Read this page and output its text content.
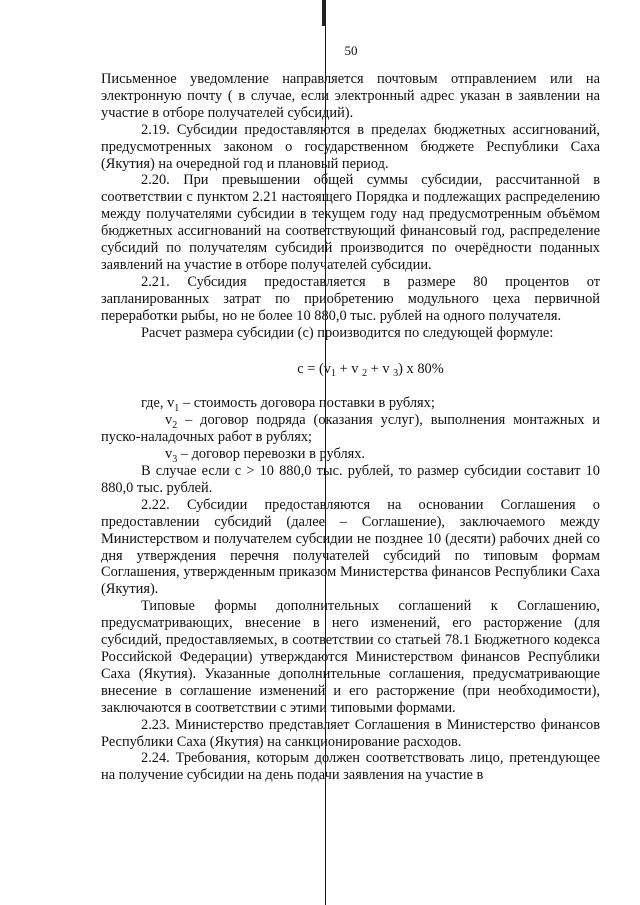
50

Письменное уведомление направляется почтовым отправлением или на электронную почту ( в случае, если электронный адрес указан в заявлении на участие в отборе получателей субсидий).

2.19. Субсидии предоставляются в пределах бюджетных ассигнований, предусмотренных законом о государственном бюджете Республики Саха (Якутия) на очередной год и плановый период.

2.20. При превышении общей суммы субсидии, рассчитанной в соответствии с пунктом 2.21 настоящего Порядка и подлежащих распределению между получателями субсидии в текущем году над предусмотренным объёмом бюджетных ассигнований на соответствующий финансовый год, распределение субсидий по получателям субсидий производится по очерёдности поданных заявлений на участие в отборе получателей субсидии.

2.21. Субсидия предоставляется в размере 80 процентов от запланированных затрат по приобретению модульного цеха первичной переработки рыбы, но не более 10 880,0 тыс. рублей на одного получателя.

Расчет размера субсидии (с) производится по следующей формуле:

$c = (v_1 + v$ $_2$ + v $_3$) x 80%

где, $v_1$ – стоимость договора поставки в рублях;

$v_2$ – договор подряда (оказания услуг), выполнения монтажных и пуско-наладочных работ в рублях;

$v_3$ – договор перевозки в рублях.

В случае если с > 10 880,0 тыс. рублей, то размер субсидии составит 10 880,0 тыс. рублей.

2.22. Субсидии предоставляются на основании Соглашения о предоставлении субсидий (далее – Соглашение), заключаемого между Министерством и получателем субсидии не позднее 10 (десяти) рабочих дней со дня утверждения перечня получателей субсидий по типовым формам Соглашения, утвержденным приказом Министерства финансов Республики Саха (Якутия).

Типовые формы дополнительных соглашений к Соглашению, предусматривающих, внесение в него изменений, его расторжение (для субсидий, предоставляемых, в соответствии со статьей 78.1 Бюджетного кодекса Российской Федерации) утверждаются Министерством финансов Республики Саха (Якутия). Указанные дополнительные соглашения, предусматривающие внесение в соглашение изменений и его расторжение (при необходимости), заключаются в соответствии с этими типовыми формами.

2.23. Министерство представляет Соглашения в Министерство финансов Республики Саха (Якутия) на санкционирование расходов.

2.24. Требования, которым должен соответствовать лицо, претендующее на получение субсидии на день подачи заявления на участие в
